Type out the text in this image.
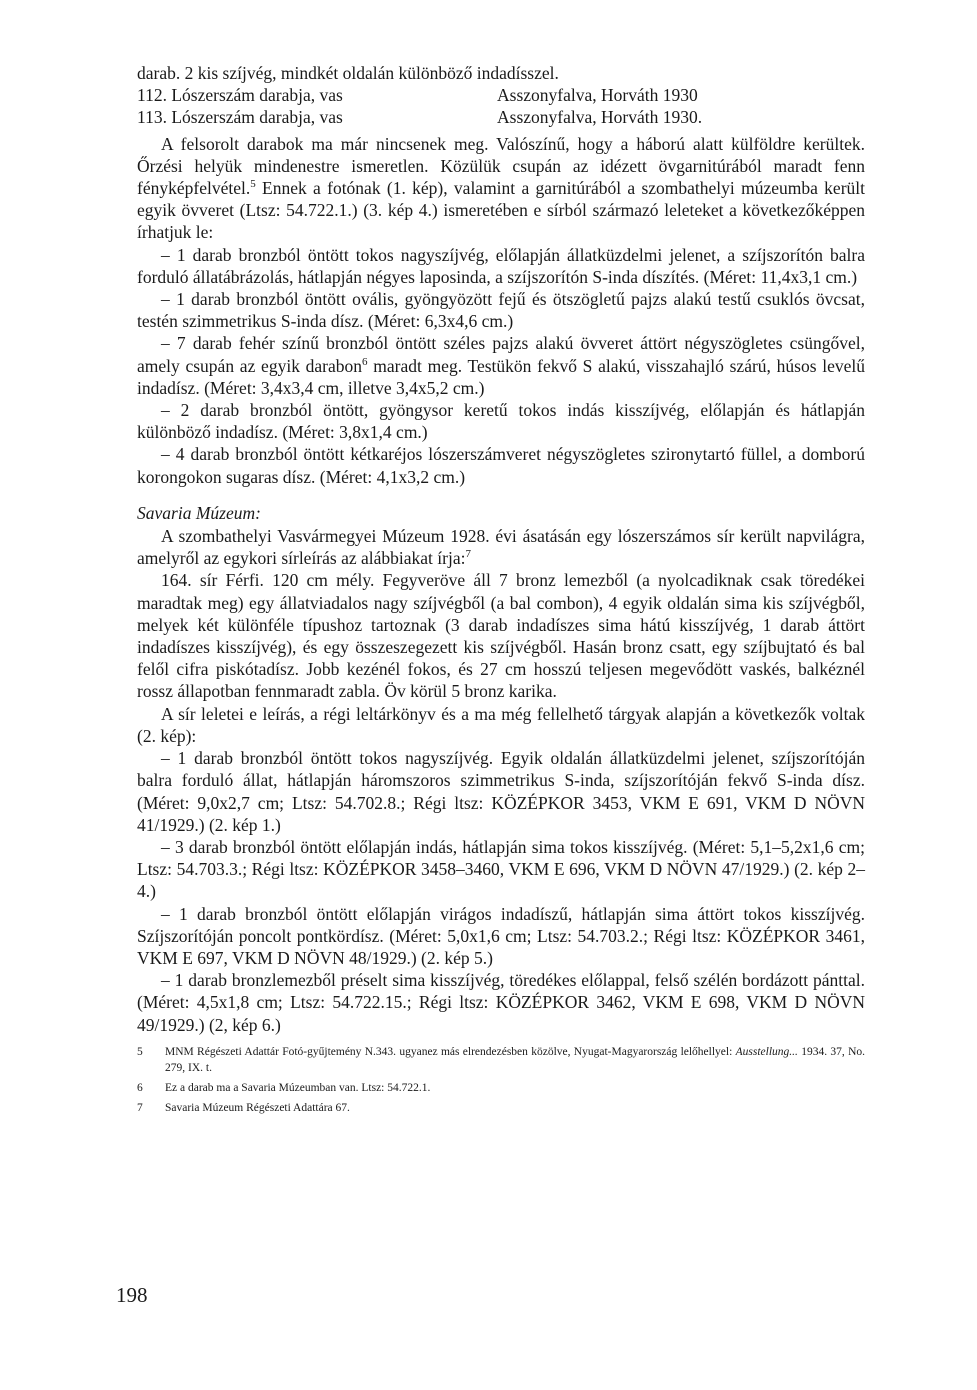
darab. 2 kis szíjvég, mindkét oldalán különböző indadísszel.
112. Lószerszám darabja, vas	Asszonyfalva, Horváth 1930
113. Lószerszám darabja, vas	Asszonyfalva, Horváth 1930.

A felsorolt darabok ma már nincsenek meg. Valószínű, hogy a háború alatt külföldre kerültek. Őrzési helyük mindenestre ismeretlen. Közülük csupán az idézett övgarnitúrából maradt fenn fényképfelvétel.$^5$ Ennek a fotónak (1. kép), valamint a garnitúrából a szombathelyi múzeumba került egyik övveret (Ltsz: 54.722.1.) (3. kép 4.) ismeretében e sírból származó leleteket a következőképpen írhatjuk le:

– 1 darab bronzból öntött tokos nagyszíjvég, előlapján állatküzdelmi jelenet, a szíjszorítón balra forduló állatábrázolás, hátlapján négyes laposinda, a szíjszorítón S-inda díszítés. (Méret: 11,4x3,1 cm.)

– 1 darab bronzból öntött ovális, gyöngyözött fejű és ötszögletű pajzs alakú testű csuklós övcsat, testén szimmetrikus S-inda dísz. (Méret: 6,3x4,6 cm.)

– 7 darab fehér színű bronzból öntött széles pajzs alakú övveret áttört négyszögletes csüngővel, amely csupán az egyik darabon$^6$ maradt meg. Testükön fekvő S alakú, visszahajló szárú, húsos levelű indadísz. (Méret: 3,4x3,4 cm, illetve 3,4x5,2 cm.)

– 2 darab bronzból öntött, gyöngysor keretű tokos indás kisszíjvég, előlapján és hátlapján különböző indadísz. (Méret: 3,8x1,4 cm.)

– 4 darab bronzból öntött kétkaréjos lószerszámveret négyszögletes szironytartó füllel, a domború korongokon sugaras dísz. (Méret: 4,1x3,2 cm.)

Savaria Múzeum:

A szombathelyi Vasvármegyei Múzeum 1928. évi ásatásán egy lószerszámos sír került napvilágra, amelyről az egykori sírleírás az alábbiakat írja:$^7$

164. sír Férfi. 120 cm mély. Fegyveröve áll 7 bronz lemezből (a nyolcadiknak csak töredékei maradtak meg) egy állatviadalos nagy szíjvégből (a bal combon), 4 egyik oldalán sima kis szíjvégből, melyek két különféle típushoz tartoznak (3 darab indadíszes sima hátú kisszíjvég, 1 darab áttört indadíszes kisszíjvég), és egy összeszegezett kis szíjvégből. Hasán bronz csatt, egy szíjbujtató és bal felől cifra piskótadísz. Jobb kezénél fokos, és 27 cm hosszú teljesen megevődött vaskés, balkéznél rossz állapotban fennmaradt zabla. Öv körül 5 bronz karika.

A sír leletei e leírás, a régi leltárkönyv és a ma még fellelhető tárgyak alapján a következők voltak (2. kép):

– 1 darab bronzból öntött tokos nagyszíjvég. Egyik oldalán állatküzdelmi jelenet, szíjszorítóján balra forduló állat, hátlapján háromszoros szimmetrikus S-inda, szíjszorítóján fekvő S-inda dísz. (Méret: 9,0x2,7 cm; Ltsz: 54.702.8.; Régi ltsz: KÖZÉPKOR 3453, VKM E 691, VKM D NÖVN 41/1929.) (2. kép 1.)

– 3 darab bronzból öntött előlapján indás, hátlapján sima tokos kisszíjvég. (Méret: 5,1–5,2x1,6 cm; Ltsz: 54.703.3.; Régi ltsz: KÖZÉPKOR 3458–3460, VKM E 696, VKM D NÖVN 47/1929.) (2. kép 2–4.)

– 1 darab bronzból öntött előlapján virágos indadíszű, hátlapján sima áttört tokos kisszíjvég. Szíjszorítóján poncolt pontkördísz. (Méret: 5,0x1,6 cm; Ltsz: 54.703.2.; Régi ltsz: KÖZÉPKOR 3461, VKM E 697, VKM D NÖVN 48/1929.) (2. kép 5.)

– 1 darab bronzlemezből préselt sima kisszíjvég, töredékes előlappal, felső szélén bordázott pánttal. (Méret: 4,5x1,8 cm; Ltsz: 54.722.15.; Régi ltsz: KÖZÉPKOR 3462, VKM E 698, VKM D NÖVN 49/1929.) (2, kép 6.)

5	MNM Régészeti Adattár Fotó-gyűjtemény N.343. ugyanez más elrendezésben közölve, Nyugat-Magyarország lelőhellyel: Ausstellung... 1934. 37, No. 279, IX. t.
6	Ez a darab ma a Savaria Múzeumban van. Ltsz: 54.722.1.
7	Savaria Múzeum Régészeti Adattára 67.
198
